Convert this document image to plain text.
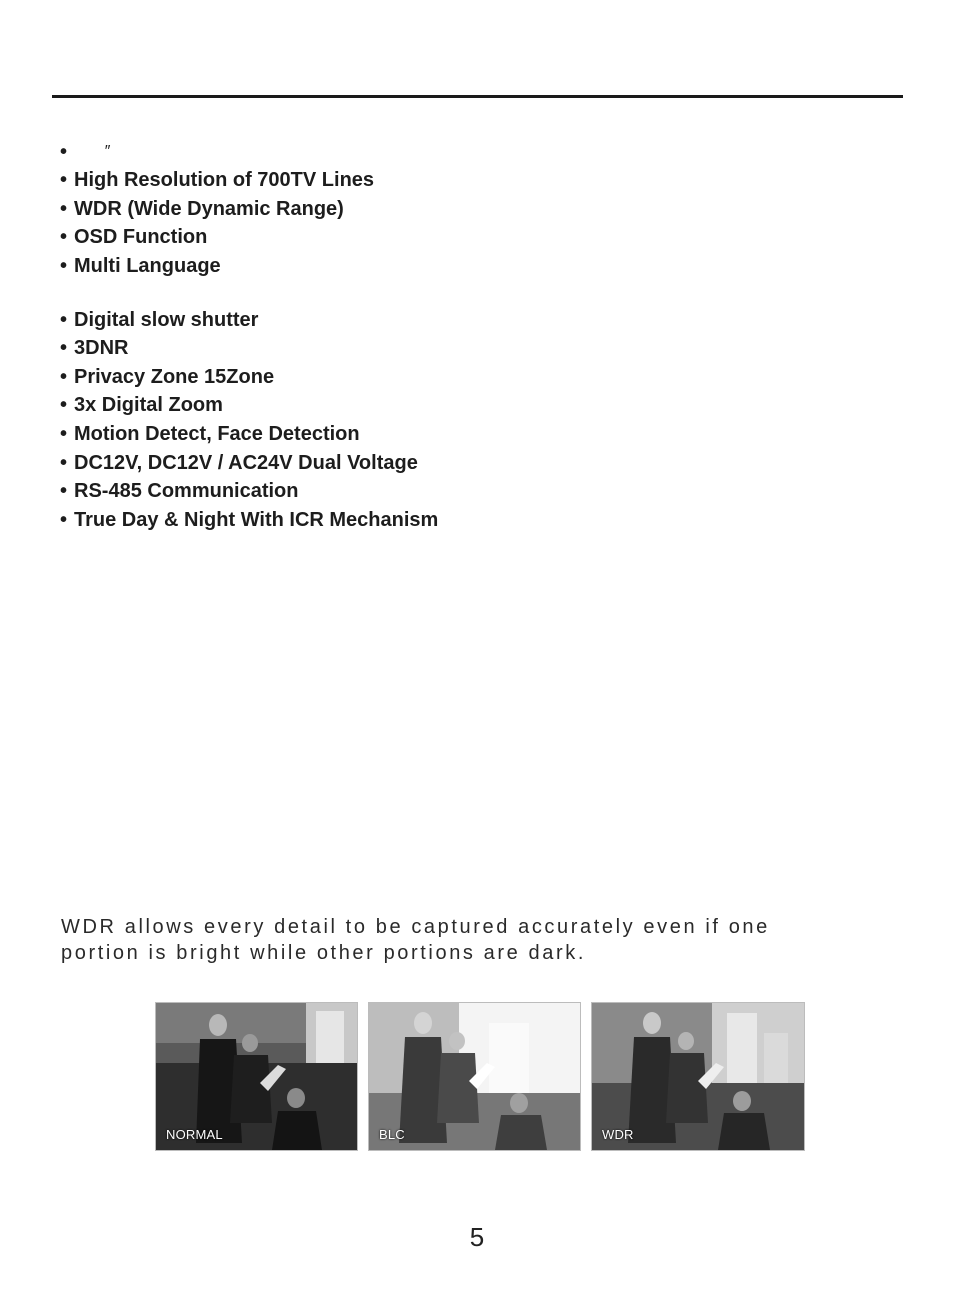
• ″
• High Resolution of 700TV Lines
• WDR (Wide Dynamic Range)
• OSD Function
• Multi Language
• Digital slow shutter
• 3DNR
• Privacy Zone 15Zone
• 3x Digital Zoom
• Motion Detect, Face Detection
• DC12V, DC12V / AC24V Dual Voltage
• RS-485 Communication
• True Day & Night With ICR Mechanism
WDR allows every detail to be captured accurately even if one portion is bright while other portions are dark.
NORMAL	BLC	WDR
5
